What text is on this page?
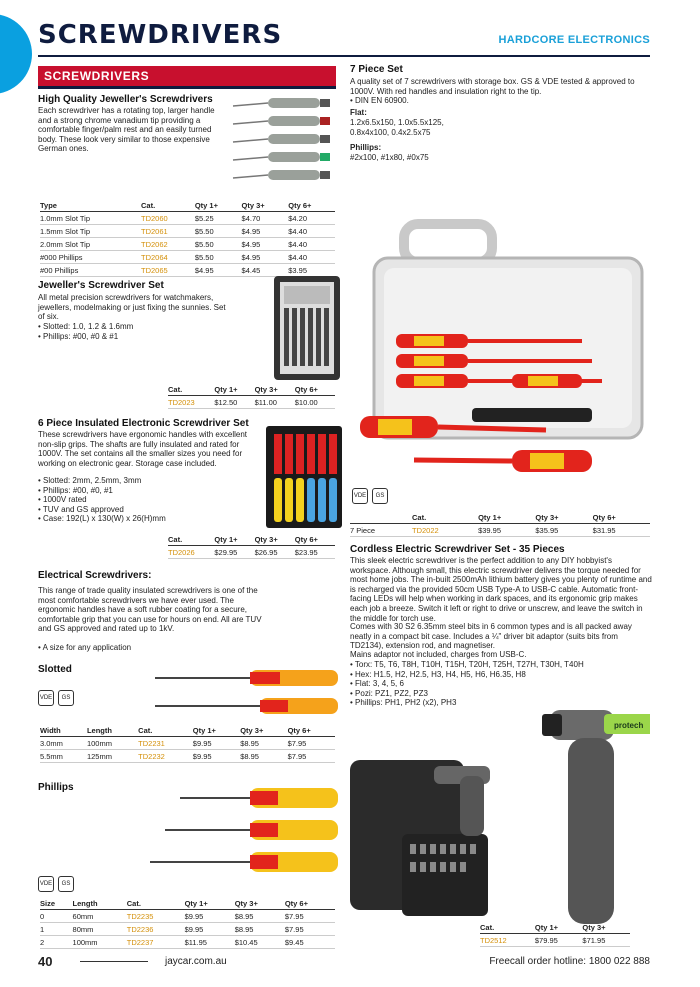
SCREWDRIVERS	HARDCORE ELECTRONICS
SCREWDRIVERS
High Quality Jeweller's Screwdrivers

Each screwdriver has a rotating top, larger handle and a strong chrome vanadium tip providing a comfortable finger/palm rest and an easily turned body. These look very similar to those expensive German ones.

Type	Cat.	Qty 1+	Qty 3+	Qty 6+
1.0mm Slot Tip	TD2060	$5.25	$4.70	$4.20
1.5mm Slot Tip	TD2061	$5.50	$4.95	$4.40
2.0mm Slot Tip	TD2062	$5.50	$4.95	$4.40
#000 Phillips	TD2064	$5.50	$4.95	$4.40
#00 Phillips	TD2065	$4.95	$4.45	$3.95
Jeweller's Screwdriver Set

All metal precision screwdrivers for watchmakers, jewellers, modelmaking or just fixing the sunnies. Set of six.

• Slotted: 1.0, 1.2 & 1.6mm
• Phillips: #00, #0 & #1
Cat.	Qty 1+	Qty 3+	Qty 6+
TD2023	$12.50	$11.00	$10.00
6 Piece Insulated Electronic Screwdriver Set

These screwdrivers have ergonomic handles with excellent non-slip grips. The shafts are fully insulated and rated for 1000V. The set contains all the smaller sizes you need for working on electronic gear. Storage case included.

• Slotted: 2mm, 2.5mm, 3mm
• Phillips: #00, #0, #1
• 1000V rated
• TUV and GS approved
• Case: 192(L) x 130(W) x 26(H)mm
Cat.	Qty 1+	Qty 3+	Qty 6+
TD2026	$29.95	$26.95	$23.95
Electrical Screwdrivers:

This range of trade quality insulated screwdrivers is one of the most comfortable screwdrivers we have ever used. The ergonomic handles have a soft rubber coating for a secure, comfortable grip that you can use for hours on end. All are TUV and GS approved and rated up to 1kV.

• A size for any application
Slotted
VDE	GS
Width	Length	Cat.	Qty 1+	Qty 3+	Qty 6+
3.0mm	100mm	TD2231	$9.95	$8.95	$7.95
5.5mm	125mm	TD2232	$9.95	$8.95	$7.95
Phillips
VDE	GS
Size	Length	Cat.	Qty 1+	Qty 3+	Qty 6+
0	60mm	TD2235	$9.95	$8.95	$7.95
1	80mm	TD2236	$9.95	$8.95	$7.95
2	100mm	TD2237	$11.95	$10.45	$9.45
7 Piece Set

A quality set of 7 screwdrivers with storage box. GS & VDE tested & approved to 1000V. With red handles and insulation right to the tip.

• DIN EN 60900.
Flat:

1.2x6.5x150, 1.0x5.5x125, 0.8x4x100, 0.4x2.5x75

Phillips:

#2x100, #1x80, #0x75

VDE	GS
	Cat.	Qty 1+	Qty 3+	Qty 6+
7 Piece	TD2022	$39.95	$35.95	$31.95
Cordless Electric Screwdriver Set - 35 Pieces

This sleek electric screwdriver is the perfect addition to any DIY hobbyist's workspace. Although small, this electric screwdriver delivers the torque needed for most home jobs. The in-built 2500mAh lithium battery gives you plenty of runtime and is recharged via the provided 50cm USB Type-A to USB-C cable. Automatic front-facing LEDs will help when working in dark spaces, and its ergonomic grip makes each job a breeze. Switch it left or right to drive or unscrew, and leave the switch in the middle for torch use.

Comes with 30 S2 6.35mm steel bits in 6 common types and is all packed away neatly in a compact bit case. Includes a ¼" driver bit adaptor (suits bits from TD2134), extension rod, and magnetiser.

Mains adaptor not included, charges from USB-C.

• Torx: T5, T6, T8H, T10H, T15H, T20H, T25H, T27H, T30H, T40H
• Hex: H1.5, H2, H2.5, H3, H4, H5, H6, H6.35, H8
• Flat: 3, 4, 5, 6
• Pozi: PZ1, PZ2, PZ3
• Phillips: PH1, PH2 (x2), PH3
protech
Cat.	Qty 1+	Qty 3+
TD2512	$79.95	$71.95
40	jaycar.com.au	Freecall order hotline: 1800 022 888
